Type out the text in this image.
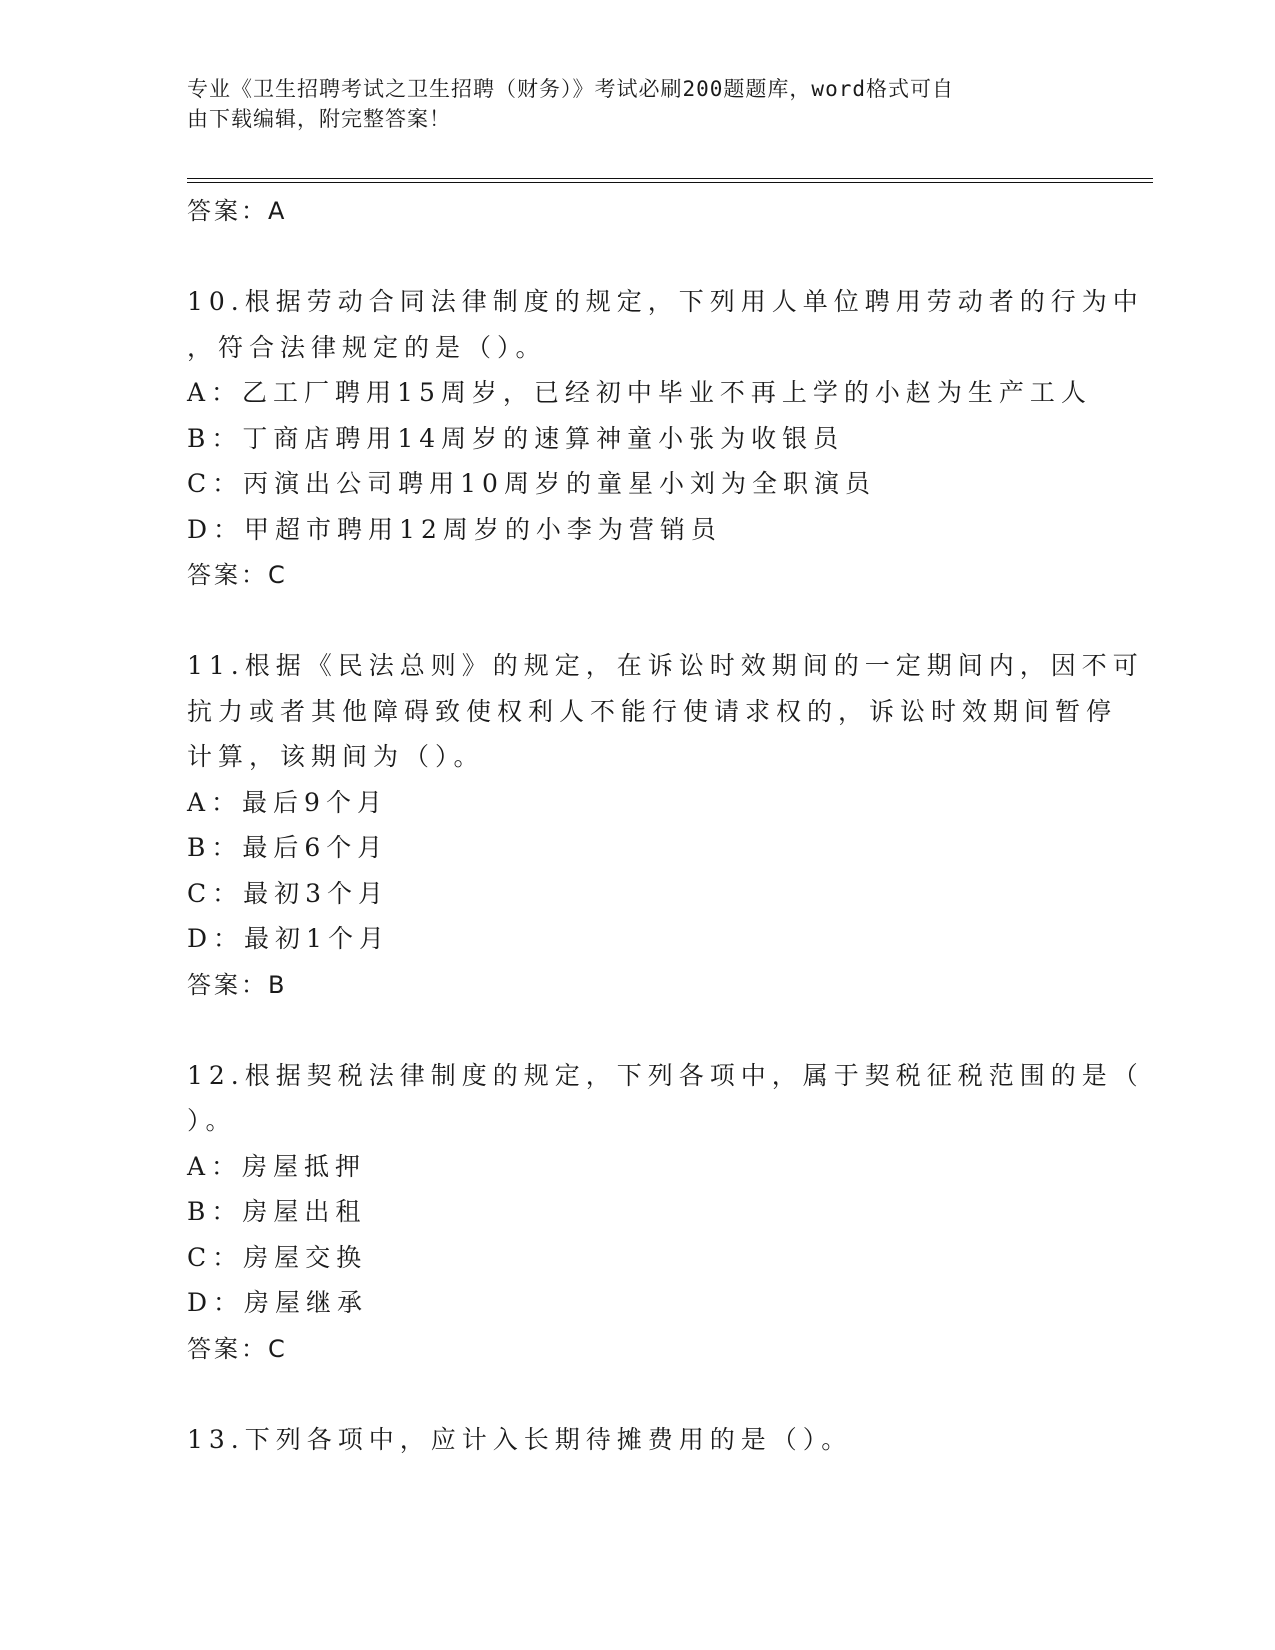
专业《卫生招聘考试之卫生招聘（财务）》考试必刷200题题库，word格式可自
由下载编辑，附完整答案！
答案：A
10.根据劳动合同法律制度的规定，下列用人单位聘用劳动者的行为中
，符合法律规定的是（）。
A：乙工厂聘用15周岁，已经初中毕业不再上学的小赵为生产工人
B：丁商店聘用14周岁的速算神童小张为收银员
C：丙演出公司聘用10周岁的童星小刘为全职演员
D：甲超市聘用12周岁的小李为营销员
答案：C
11.根据《民法总则》的规定，在诉讼时效期间的一定期间内，因不可
抗力或者其他障碍致使权利人不能行使请求权的，诉讼时效期间暂停
计算，该期间为（）。
A：最后9个月
B：最后6个月
C：最初3个月
D：最初1个月
答案：B
12.根据契税法律制度的规定，下列各项中，属于契税征税范围的是（
）。
A：房屋抵押
B：房屋出租
C：房屋交换
D：房屋继承
答案：C
13.下列各项中，应计入长期待摊费用的是（）。
